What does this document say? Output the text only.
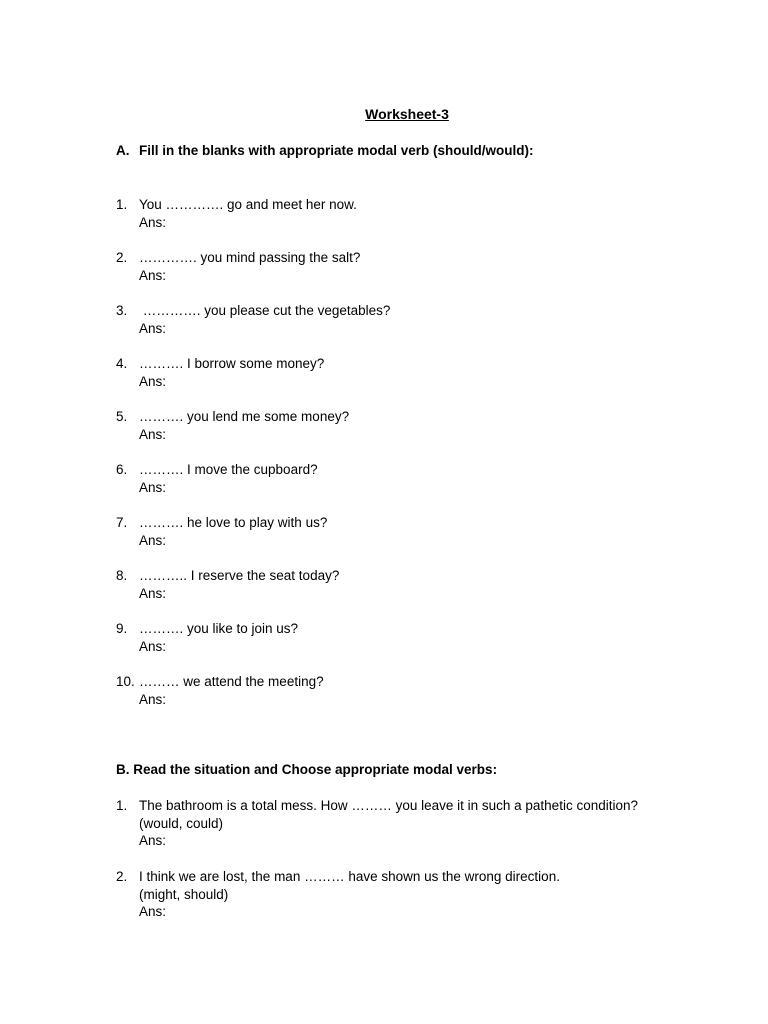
Worksheet-3
A. Fill in the blanks with appropriate modal verb (should/would):
1. You …………. go and meet her now.
Ans:
2. …………. you mind passing the salt?
Ans:
3. …………. you please cut the vegetables?
Ans:
4. ………. I borrow some money?
Ans:
5. ………. you lend me some money?
Ans:
6. ………. I move the cupboard?
Ans:
7. ………. he love to play with us?
Ans:
8. ……….. I reserve the seat today?
Ans:
9. ………. you like to join us?
Ans:
10. ……… we attend the meeting?
Ans:
B. Read the situation and Choose appropriate modal verbs:
1. The bathroom is a total mess. How ……… you leave it in such a pathetic condition?
(would, could)
Ans:
2. I think we are lost, the man ……… have shown us the wrong direction.
(might, should)
Ans:
